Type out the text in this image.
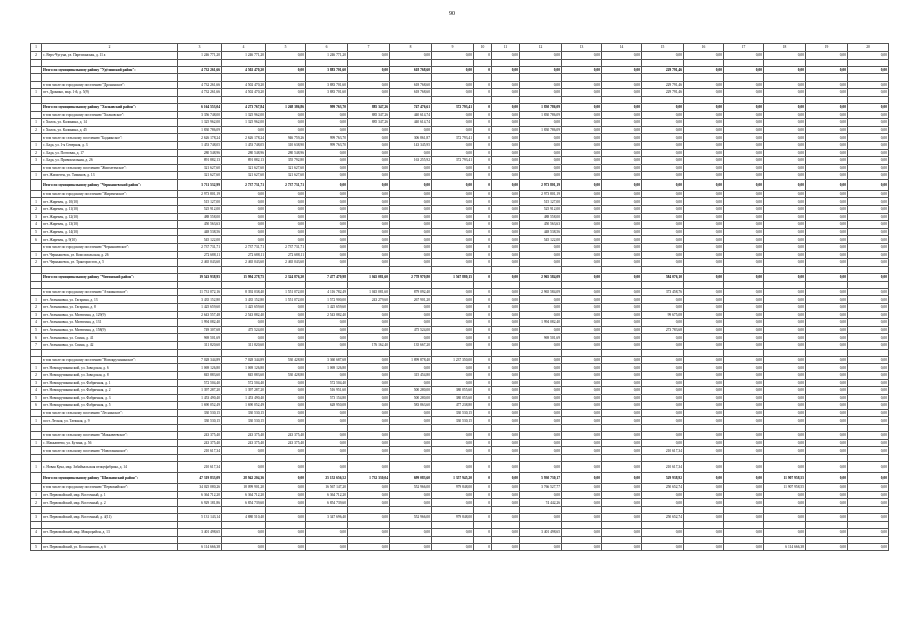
90
1	2	3	4	5	6	7	8	9	10	11	12	13	14	15	16	17	18	19	20
2	с. Верх-Чугуна, ул. Партизанская, д. 11 а	1 246 771,20	1 246 771,20	0,00	1 246 771,20	0,00	0,00	0,00	0	0,00	0,00	0,00	0,00	0,00	0,00	0,00	0,00	0,00	0,00

	Итого по муниципальному району "Удёлинский район":	4 732 261,66	4 502 470,20	0,00	3 883 701,60	0,00	618 768,60	0,00	0	0,00	0,00	0,00	0,00	229 791,46	0,00	0,00	0,00	0,00	0,00

	в том числе по городскому поселению "Дронинское":	4 732 261,66	4 502 470,20	0,00	3 883 701,60	0,00	618 768,60	0,00	0	0,00	0,00	0,00	0,00	229 791,46	0,00	0,00	0,00	0,00	0,00
1	пгт. Дронино, мкр. 1-й, д. 5(9)	4 732 261,66	4 502 470,20	0,00	3 883 701,60	0,00	618 768,60	0,00	0	0,00	0,00	0,00	0,00	229 791,46	0,00	0,00	0,00	0,00	0,00

	Итого по муниципальному району "Хилковский район":	6 164 553,04	4 273 767,84	1 268 386,86	999 763,70	885 347,26	747 476,61	372 793,41	0	0,00	1 830 786,09	0,00	0,00	0,00	0,00	0,00	0,00	0,00	0,00
	в том числе по городскому поселению "Хилковское":	3 356 748,00	1 325 962,00	0,00	0,00	885 347,26	440 614,74	0,00	0	0,00	1 830 786,09	0,00	0,00	0,00	0,00	0,00	0,00	0,00	0,00
1	г. Хилок, ул. Калинина, д. 14	1 325 962,00	1 325 962,00	0,00	0,00	885 347,26	440 614,74	0,00	0	0,00	0,00	0,00	0,00	0,00	0,00	0,00	0,00	0,00	0,00
2	г. Хилок, ул. Калинина, д. 45	1 830 786,09	0,00	0,00	0,00	0,00	0,00	0,00	0	0,00	1 830 786,09	0,00	0,00	0,00	0,00	0,00	0,00	0,00	0,00
	в том числе по сельскому поселению "Баднинское":	2 626 178,24	2 626 178,24	946 759,26	999 763,70	0,00	306 861,87	372 793,41	0	0,00	0,00	0,00	0,00	0,00	0,00	0,00	0,00	0,00	0,00
1	с. Бада, ул. 1-я Северная, д. 3	1 453 748,05	1 453 748,05	310 638,90	999 763,70	0,00	143 345,95	0,00	0	0,00	0,00	0,00	0,00	0,00	0,00	0,00	0,00	0,00	0,00
2	с. Бада, ул. Почтовая, д. 17	280 548,96	280 548,96	280 548,96	0,00	0,00	0,00	0,00	0	0,00	0,00	0,00	0,00	0,00	0,00	0,00	0,00	0,00	0,00
3	с. Бада, ул. Привокзальная, д. 26	891 882,13	891 882,13	355 792,80	0,00	0,00	163 255,92	372 793,41	0	0,00	0,00	0,00	0,00	0,00	0,00	0,00	0,00	0,00	0,00
	в том числе по сельскому поселению "Жипхегенское":	321 627,60	321 627,60	321 627,60	0,00	0,00	0,00	0,00	0	0,00	0,00	0,00	0,00	0,00	0,00	0,00	0,00	0,00	0,00
1	пгт. Жипхеген, ул. Тиминов, д. 13	321 627,60	321 627,60	321 627,60	0,00	0,00	0,00	0,00	0	0,00	0,00	0,00	0,00	0,00	0,00	0,00	0,00	0,00	0,00
	Итого по муниципальному району "Чернышевский район":	5 711 532,99	2 737 731,71	2 737 731,71	0,00	0,00	0,00	0,00	0	0,00	2 973 801,19	0,00	0,00	0,00	0,00	0,00	0,00	0,00	0,00
	в том числе по городскому поселению "Жирекенское":	2 973 801,19	0,00	0,00	0,00	0,00	0,00	0,00	0	0,00	2 973 801,19	0,00	0,00	0,00	0,00	0,00	0,00	0,00	0,00
1	пгт. Жирекен, д. 10(10)	515 127,00	0,00	0,00	0,00	0,00	0,00	0,00	0	0,00	515 127,00	0,00	0,00	0,00	0,00	0,00	0,00	0,00	0,00
2	пгт. Жирекен, д. 11(10)	525 912,00	0,00	0,00	0,00	0,00	0,00	0,00	0	0,00	525 912,00	0,00	0,00	0,00	0,00	0,00	0,00	0,00	0,00
3	пгт. Жирекен, д. 12(10)	488 558,00	0,00	0,00	0,00	0,00	0,00	0,00	0	0,00	488 558,00	0,00	0,00	0,00	0,00	0,00	0,00	0,00	0,00
4	пгт. Жирекен, д. 13(10)	450 563,63	0,00	0,00	0,00	0,00	0,00	0,00	0	0,00	450 563,63	0,00	0,00	0,00	0,00	0,00	0,00	0,00	0,00
5	пгт. Жирекен, д. 14(10)	448 538,56	0,00	0,00	0,00	0,00	0,00	0,00	0	0,00	448 538,56	0,00	0,00	0,00	0,00	0,00	0,00	0,00	0,00
6	пгт. Жирекен, д. 9(10)	545 122,00	0,00	0,00	0,00	0,00	0,00	0,00	0	0,00	545 122,00	0,00	0,00	0,00	0,00	0,00	0,00	0,00	0,00
	в том числе по городскому поселению "Чернышевское":	2 737 731,71	2 737 731,71	2 737 731,71	0,00	0,00	0,00	0,00	0	0,00	0,00	0,00	0,00	0,00	0,00	0,00	0,00	0,00	0,00
1	пгт. Чернышевск, ул. Комсомольская, д. 26	272 688,11	272 688,11	272 688,11	0,00	0,00	0,00	0,00	0	0,00	0,00	0,00	0,00	0,00	0,00	0,00	0,00	0,00	0,00
2	пгт. Чернышевск, ул. Трактористов, д. 5	2 465 043,60	2 465 043,60	2 465 043,60	0,00	0,00	0,00	0,00	0	0,00	0,00	0,00	0,00	0,00	0,00	0,00	0,00	0,00	0,00

	Итого по муниципальному району "Читинский район":	19 543 938,95	15 994 278,75	2 324 876,20	7 477 470,98	1 045 081,60	2 778 970,80	1 567 880,15	0	0,00	2 965 584,09	0,00	0,00	584 076,10	0,00	0,00	0,00	0,00	0,00

	в том числе по городскому поселению "Атамановское":	11 731 072,16	8 392 038,40	1 551 072,00	4 116 782,49	1 045 081,60	879 092,40	0,00	0	0,00	2 965 584,09	0,00	0,00	373 458,76	0,00	0,00	0,00	0,00	0,00
1	пгт. Атамановка, ул. Гагарина, д. 13	3 435 152,80	3 435 152,80	1 551 072,00	1 572 900,00	243 279,60	267 901,20	0,00	0	0,00	0,00	0,00	0,00	0,00	0,00	0,00	0,00	0,00	0,00
2	пгт. Атамановка, ул. Гагарина, д. 8	1 425 659,60	1 425 659,60	0,00	1 425 659,60	0,00	0,00	0,00	0	0,00	0,00	0,00	0,00	0,00	0,00	0,00	0,00	0,00	0,00
3	пгт. Атамановка, ул. Матюгина, д. 129(9)	2 643 557,48	2 543 882,40	0,00	2 543 882,40	0,00	0,00	0,00	0	0,00	0,00	0,00	0,00	99 675,08	0,00	0,00	0,00	0,00	0,00
4	пгт. Атамановка, ул. Матюгина, д. 131	1 994 082,40	0,00	0,00	0,00	0,00	0,00	0,00	0	0,00	1 994 082,40	0,00	0,00	0,00	0,00	0,00	0,00	0,00	0,00
5	пгт. Атамановка, ул. Матюгина, д. 158(9)	749 307,68	475 524,00	0,00	0,00	0,00	475 524,00	0,00	0	0,00	0,00	0,00	0,00	273 783,68	0,00	0,00	0,00	0,00	0,00
6	пгт. Атамановка, ул. Спина, д. 41	969 501,69	0,00	0,00	0,00	0,00	0,00	0,00	0	0,00	969 501,69	0,00	0,00	0,00	0,00	0,00	0,00	0,00	0,00
7	пгт. Атамановка, ул. Спина, д. 42	311 820,60	311 820,60	0,00	0,00	176 162,40	135 667,20	0,00	0	0,00	0,00	0,00	0,00	0,00	0,00	0,00	0,00	0,00	0,00

	в том числе по городскому поселению "Новокручининское":	7 028 344,89	7 028 344,89	530 428,80	3 360 687,68	0,00	1 899 878,40	1 237 350,00	0	0,00	0,00	0,00	0,00	0,00	0,00	0,00	0,00	0,00	0,00
1	пгт. Новокручининский, ул. Заводская, д. 6	1 069 126,80	1 069 126,80	0,00	1 069 126,80	0,00	0,00	0,00	0	0,00	0,00	0,00	0,00	0,00	0,00	0,00	0,00	0,00	0,00
2	пгт. Новокручининский, ул. Заводская, д. 8	845 883,60	845 883,60	530 428,80	0,00	0,00	315 454,80	0,00	0	0,00	0,00	0,00	0,00	0,00	0,00	0,00	0,00	0,00	0,00
3	пгт. Новокручининский, ул. Фабричная, д. 1	572 504,40	572 504,40	0,00	572 504,40	0,00	0,00	0,00	0	0,00	0,00	0,00	0,00	0,00	0,00	0,00	0,00	0,00	0,00
4	пгт. Новокручининский, ул. Фабричная, д. 2	1 397 287,20	1 397 287,20	0,00	516 951,60	0,00	500 280,00	380 055,60	0	0,00	0,00	0,00	0,00	0,00	0,00	0,00	0,00	0,00	0,00
5	пгт. Новокручининский, ул. Фабричная, д. 3	1 453 490,40	1 453 490,40	0,00	573 154,80	0,00	500 280,00	380 055,60	0	0,00	0,00	0,00	0,00	0,00	0,00	0,00	0,00	0,00	0,00
6	пгт. Новокручининский, ул. Фабричная, д. 5	1 690 052,49	1 690 052,49	0,00	628 950,08	0,00	583 863,60	477 238,80	0	0,00	0,00	0,00	0,00	0,00	0,00	0,00	0,00	0,00	0,00
	в том числе по сельскому поселению "Леснинское":	330 530,15	330 530,15	0,00	0,00	0,00	0,00	330 530,15	0	0,00	0,00	0,00	0,00	0,00	0,00	0,00	0,00	0,00	0,00
1	пост. Лесная, ул. Таежная, д. 9	330 530,15	330 530,15	0,00	0,00	0,00	0,00	330 530,15	0	0,00	0,00	0,00	0,00	0,00	0,00	0,00	0,00	0,00	0,00

	в том числе по сельскому поселению "Маккавеевское":	243 375,40	243 375,40	243 375,40	0,00	0,00	0,00	0,00	0	0,00	0,00	0,00	0,00	0,00	0,00	0,00	0,00	0,00	0,00
1	с. Маккавеево, ул. Бутина, д. 56	243 375,40	243 375,40	243 375,40	0,00	0,00	0,00	0,00	0	0,00	0,00	0,00	0,00	0,00	0,00	0,00	0,00	0,00	0,00
	в том числе по сельскому поселению "Новотанинское":	210 617,34	0,00	0,00	0,00	0,00	0,00	0,00	0	0,00	0,00	0,00	0,00	210 617,34	0,00	0,00	0,00	0,00	0,00

1	с. Новая Кука, мкр. Забайкальская птицефабрика, д. 14	210 617,34	0,00	0,00	0,00	0,00	0,00	0,00	0	0,00	0,00	0,00	0,00	210 617,34	0,00	0,00	0,00	0,00	0,00
	Итого по муниципальному району "Шилкинский район":	47 319 833,09	28 942 204,36	0,00	25 152 656,52	1 732 330,04	699 083,60	1 357 945,20	0	0,00	5 930 730,17	0,00	0,00	529 938,92	0,00	0,00	11 907 958,55	0,00	0,00
	в том числе по городскому поселению "Первомайское":	34 025 080,26	18 099 901,20	0,00	16 567 147,20	0,00	552 966,00	979 848,00	0	0,00	3 766 527,77	0,00	0,00	250 652,74	0,00	0,00	11 907 958,55	0,00	0,00
1	пгт. Первомайский, мкр. Восточный, д. 1	6 364 712,20	6 364 712,20	0,00	6 364 712,20	0,00	0,00	0,00	0	0,00	0,00	0,00	0,00	0,00	0,00	0,00	0,00	0,00	0,00
2	пгт. Первомайский, мкр. Восточный, д. 2	6 929 181,86	6 854 739,60	0,00	6 854 739,60	0,00	0,00	0,00	0	0,00	74 442,26	0,00	0,00	0,00	0,00	0,00	0,00	0,00	0,00

3	пгт. Первомайский, мкр. Восточный, д. 4(11)	5 131 143,14	4 880 510,40	0,00	3 347 696,40	0,00	552 966,00	979 848,00	0	0,00	0,00	0,00	0,00	250 652,74	0,00	0,00	0,00	0,00	0,00

4	пгт. Первомайский, мкр. Микрорайон, д. 13	3 401 498,65	0,00	0,00	0,00	0,00	0,00	0,00	0	0,00	3 401 498,65	0,00	0,00	0,00	0,00	0,00	0,00	0,00	0,00

5	пгт. Первомайский, ул. Космонавтов, д. 6	6 114 666,38	0,00	0,00	0,00	0,00	0,00	0,00	0	0,00	0,00	0,00	0,00	0,00	0,00	0,00	6 114 666,38	0,00	0,00
